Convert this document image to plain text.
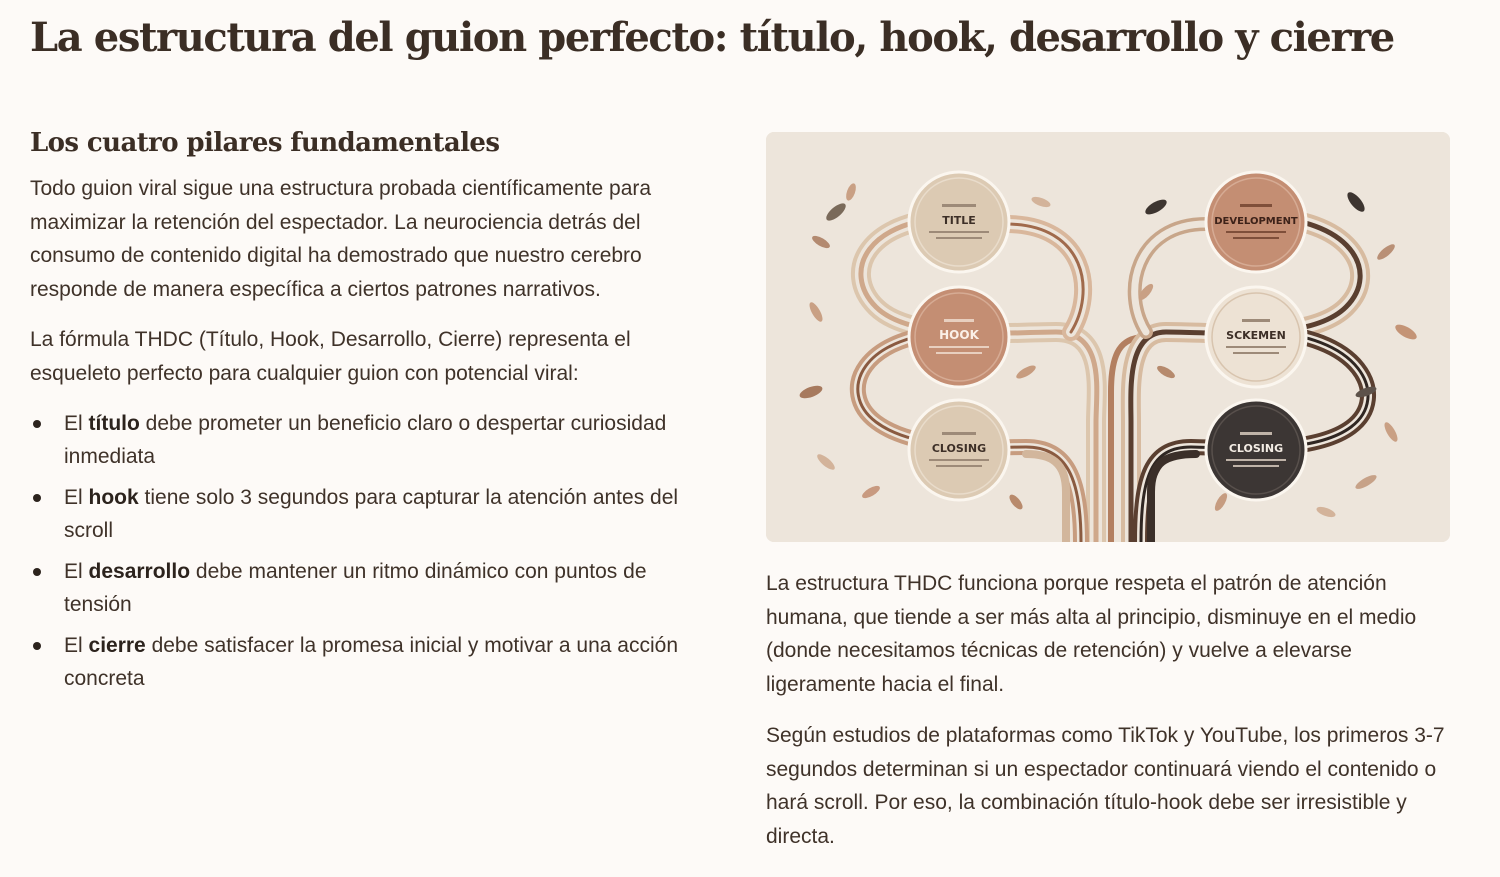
La estructura del guion perfecto: título, hook, desarrollo y cierre
Los cuatro pilares fundamentales

Todo guion viral sigue una estructura probada científicamente para maximizar la retención del espectador. La neurociencia detrás del consumo de contenido digital ha demostrado que nuestro cerebro responde de manera específica a ciertos patrones narrativos.

La fórmula THDC (Título, Hook, Desarrollo, Cierre) representa el esqueleto perfecto para cualquier guion con potencial viral:

El título debe prometer un beneficio claro o despertar curiosidad inmediata
El hook tiene solo 3 segundos para capturar la atención antes del scroll
El desarrollo debe mantener un ritmo dinámico con puntos de tensión
El cierre debe satisfacer la promesa inicial y motivar a una acción concreta
TITLE
HOOK
CLOSING
DEVELOPMENT
SCKEMEN
CLOSING

La estructura THDC funciona porque respeta el patrón de atención humana, que tiende a ser más alta al principio, disminuye en el medio (donde necesitamos técnicas de retención) y vuelve a elevarse ligeramente hacia el final.

Según estudios de plataformas como TikTok y YouTube, los primeros 3-7 segundos determinan si un espectador continuará viendo el contenido o hará scroll. Por eso, la combinación título-hook debe ser irresistible y directa.
